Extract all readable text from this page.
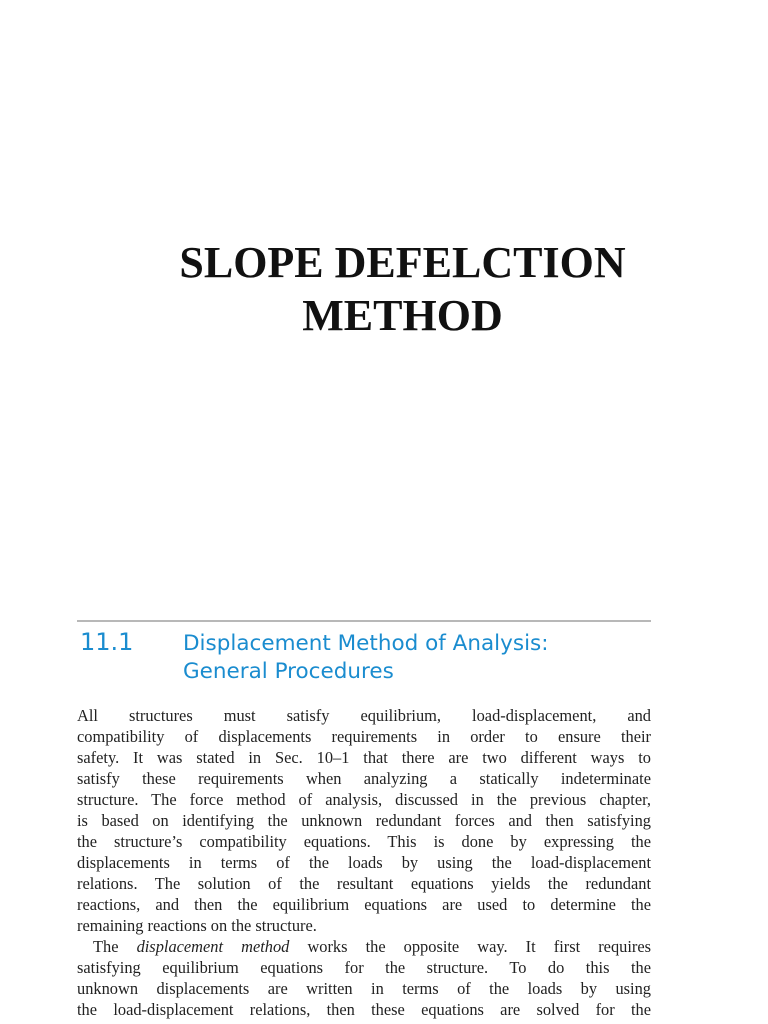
SLOPE DEFELCTION
METHOD
11.1 Displacement Method of Analysis:
General Procedures
All structures must satisfy equilibrium, load-displacement, and
compatibility of displacements requirements in order to ensure their
safety. It was stated in Sec. 10–1 that there are two different ways to
satisfy these requirements when analyzing a statically indeterminate
structure. The force method of analysis, discussed in the previous chapter,
is based on identifying the unknown redundant forces and then satisfying
the structure’s compatibility equations. This is done by expressing the
displacements in terms of the loads by using the load-displacement
relations. The solution of the resultant equations yields the redundant
reactions, and then the equilibrium equations are used to determine the
remaining reactions on the structure.
The displacement method works the opposite way. It first requires
satisfying equilibrium equations for the structure. To do this the
unknown displacements are written in terms of the loads by using
the load-displacement relations, then these equations are solved for the
